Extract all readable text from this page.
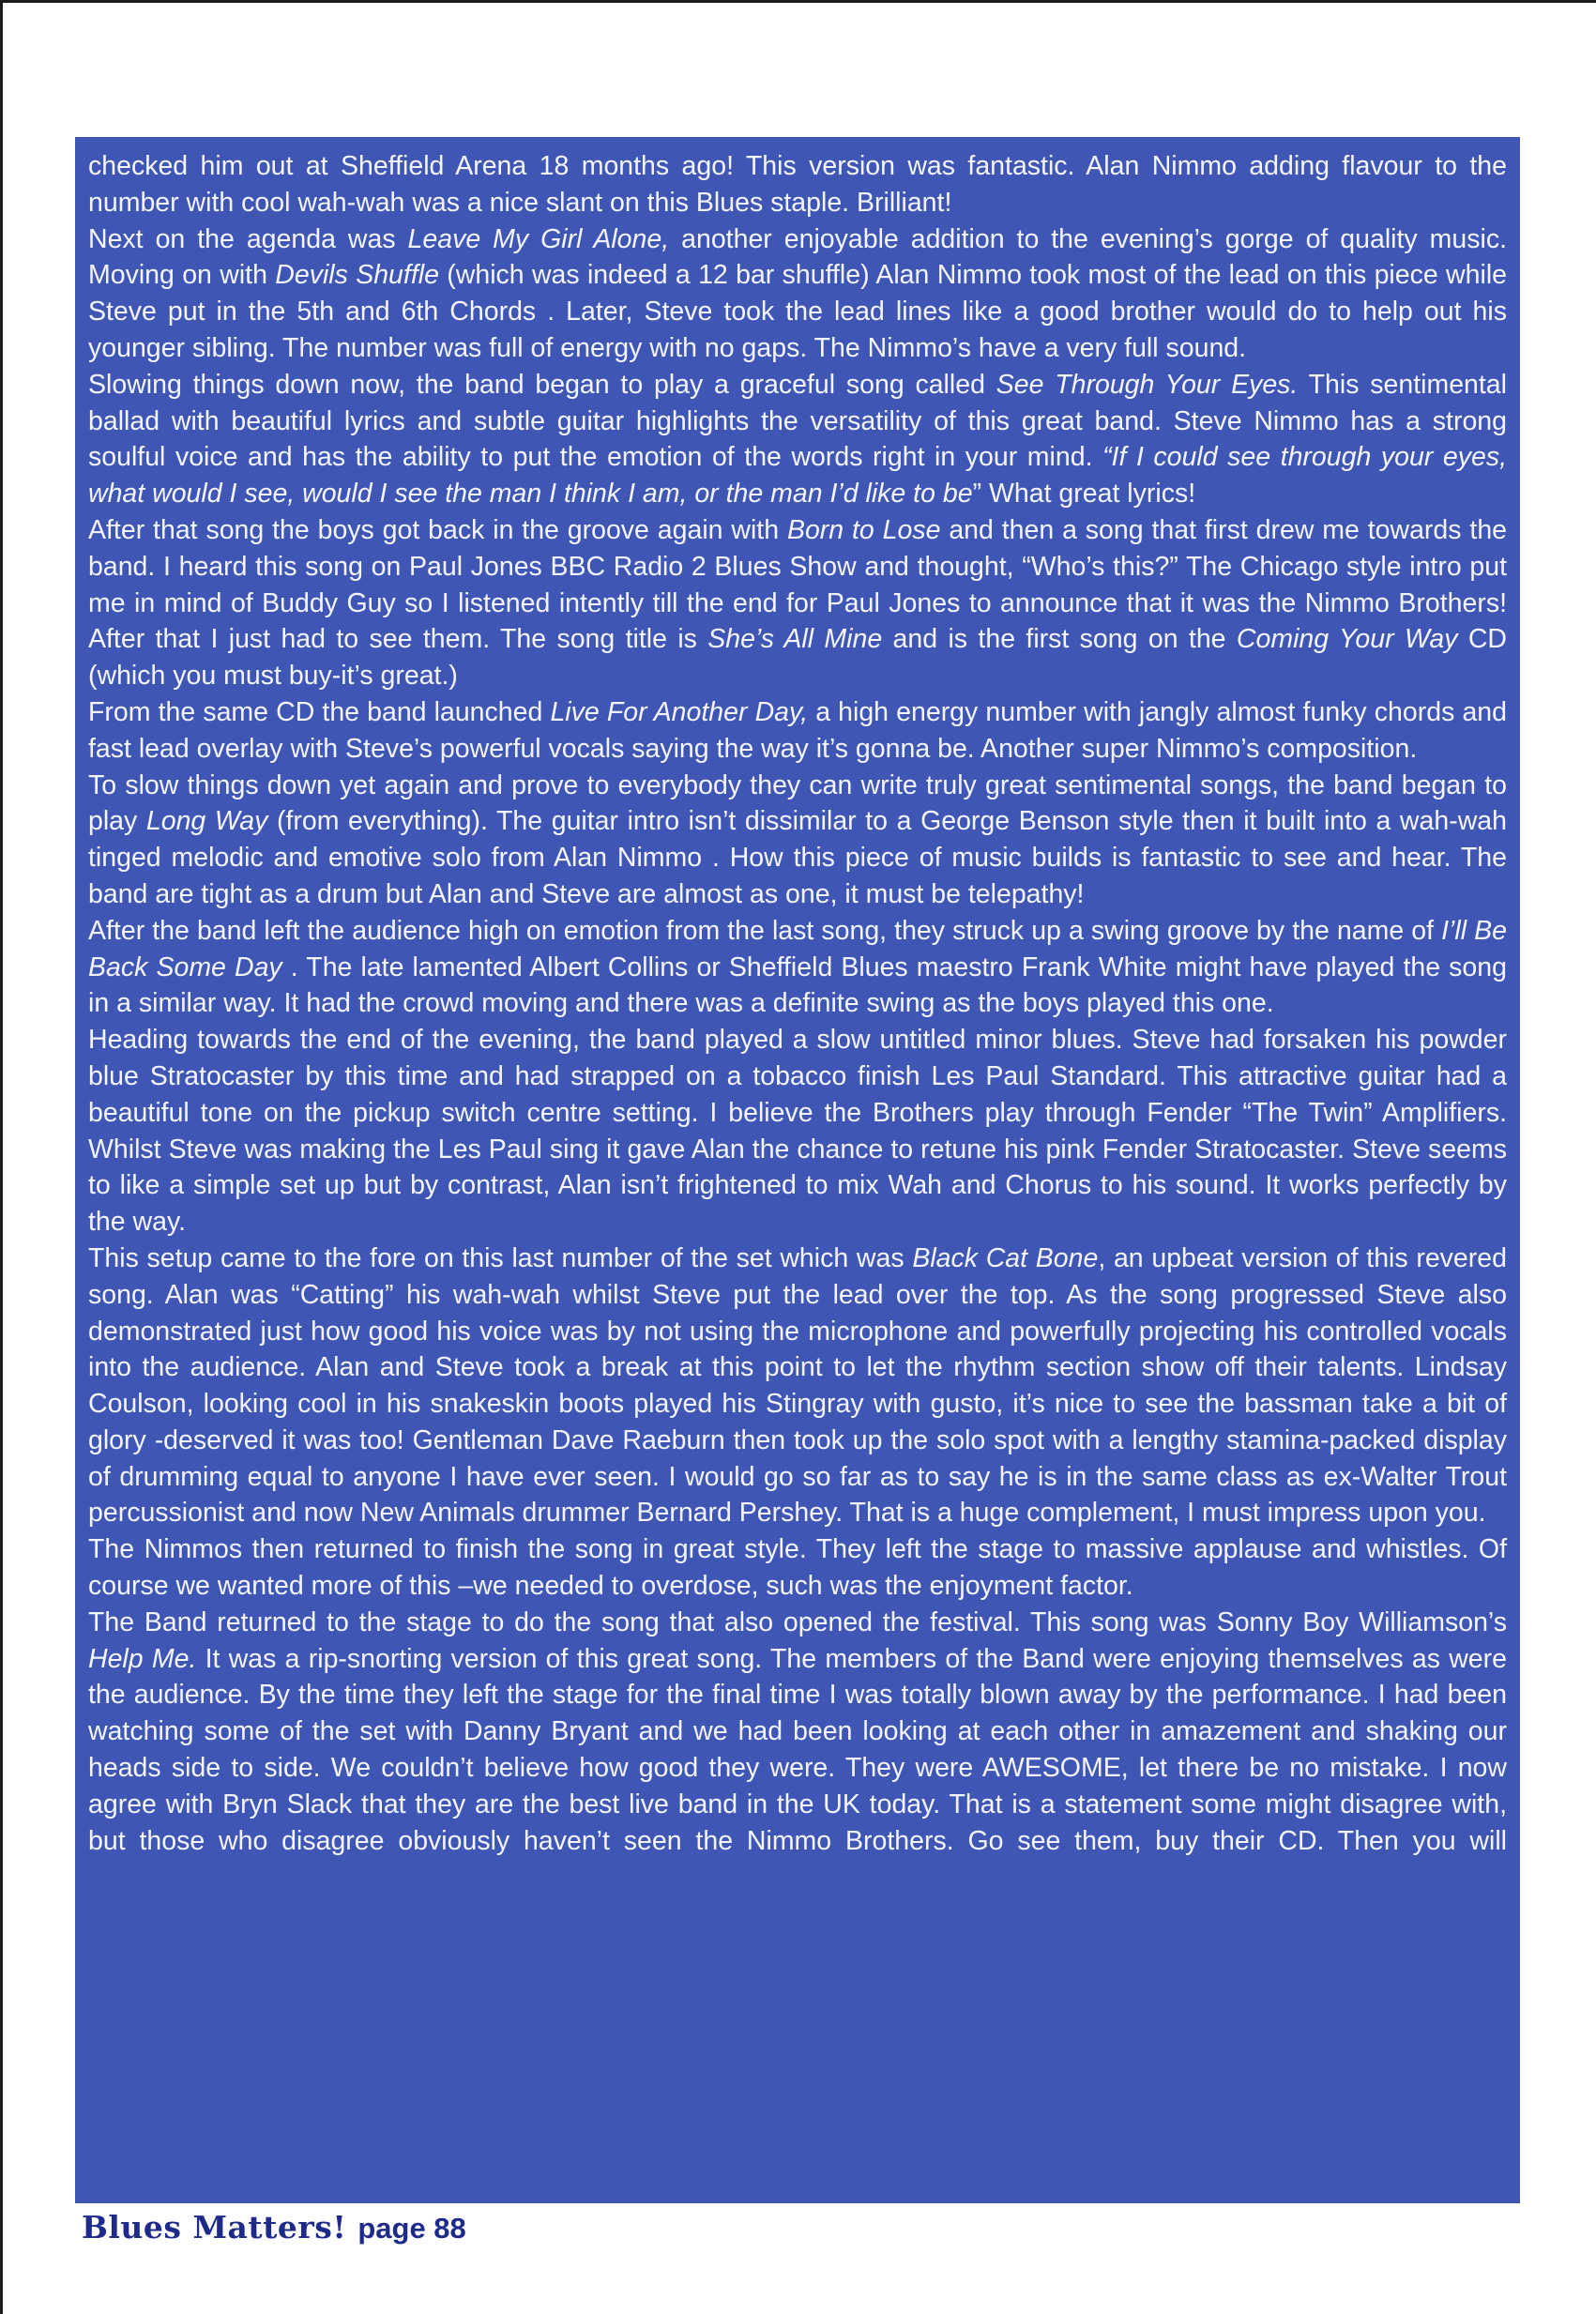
checked him out at Sheffield Arena 18 months ago! This version was fantastic. Alan Nimmo adding flavour to the number with cool wah-wah was a nice slant on this Blues staple. Brilliant!

Next on the agenda was Leave My Girl Alone, another enjoyable addition to the evening’s gorge of quality music. Moving on with Devils Shuffle (which was indeed a 12 bar shuffle) Alan Nimmo took most of the lead on this piece while Steve put in the 5th and 6th Chords . Later, Steve took the lead lines like a good brother would do to help out his younger sibling. The number was full of energy with no gaps. The Nimmo’s have a very full sound.

Slowing things down now, the band began to play a graceful song called See Through Your Eyes. This sentimental ballad with beautiful lyrics and subtle guitar highlights the versatility of this great band. Steve Nimmo has a strong soulful voice and has the ability to put the emotion of the words right in your mind. “If I could see through your eyes, what would I see, would I see the man I think I am, or the man I’d like to be” What great lyrics!

After that song the boys got back in the groove again with Born to Lose and then a song that first drew me towards the band. I heard this song on Paul Jones BBC Radio 2 Blues Show and thought, “Who’s this?” The Chicago style intro put me in mind of Buddy Guy so I listened intently till the end for Paul Jones to announce that it was the Nimmo Brothers! After that I just had to see them. The song title is She’s All Mine and is the first song on the Coming Your Way CD (which you must buy-it’s great.)

From the same CD the band launched Live For Another Day, a high energy number with jangly almost funky chords and fast lead overlay with Steve’s powerful vocals saying the way it’s gonna be. Another super Nimmo’s composition.

To slow things down yet again and prove to everybody they can write truly great sentimental songs, the band began to play Long Way (from everything). The guitar intro isn’t dissimilar to a George Benson style then it built into a wah-wah tinged melodic and emotive solo from Alan Nimmo . How this piece of music builds is fantastic to see and hear. The band are tight as a drum but Alan and Steve are almost as one, it must be telepathy!

After the band left the audience high on emotion from the last song, they struck up a swing groove by the name of I’ll Be Back Some Day . The late lamented Albert Collins or Sheffield Blues maestro Frank White might have played the song in a similar way. It had the crowd moving and there was a definite swing as the boys played this one.

Heading towards the end of the evening, the band played a slow untitled minor blues. Steve had forsaken his powder blue Stratocaster by this time and had strapped on a tobacco finish Les Paul Standard. This attractive guitar had a beautiful tone on the pickup switch centre setting. I believe the Brothers play through Fender “The Twin” Amplifiers. Whilst Steve was making the Les Paul sing it gave Alan the chance to retune his pink Fender Stratocaster. Steve seems to like a simple set up but by contrast, Alan isn’t frightened to mix Wah and Chorus to his sound. It works perfectly by the way.

This setup came to the fore on this last number of the set which was Black Cat Bone, an upbeat version of this revered song. Alan was “Catting” his wah-wah whilst Steve put the lead over the top. As the song progressed Steve also demonstrated just how good his voice was by not using the microphone and powerfully projecting his controlled vocals into the audience. Alan and Steve took a break at this point to let the rhythm section show off their talents. Lindsay Coulson, looking cool in his snakeskin boots played his Stingray with gusto, it’s nice to see the bassman take a bit of glory -deserved it was too! Gentleman Dave Raeburn then took up the solo spot with a lengthy stamina-packed display of drumming equal to anyone I have ever seen. I would go so far as to say he is in the same class as ex-Walter Trout percussionist and now New Animals drummer Bernard Pershey. That is a huge complement, I must impress upon you.

The Nimmos then returned to finish the song in great style. They left the stage to massive applause and whistles. Of course we wanted more of this –we needed to overdose, such was the enjoyment factor.

The Band returned to the stage to do the song that also opened the festival. This song was Sonny Boy Williamson’s Help Me. It was a rip-snorting version of this great song. The members of the Band were enjoying themselves as were the audience. By the time they left the stage for the final time I was totally blown away by the performance. I had been watching some of the set with Danny Bryant and we had been looking at each other in amazement and shaking our heads side to side. We couldn’t believe how good they were. They were AWESOME, let there be no mistake. I now agree with Bryn Slack that they are the best live band in the UK today. That is a statement some might disagree with, but those who disagree obviously haven’t seen the Nimmo Brothers. Go see them, buy their CD. Then you will

Blues Matters! page 88
